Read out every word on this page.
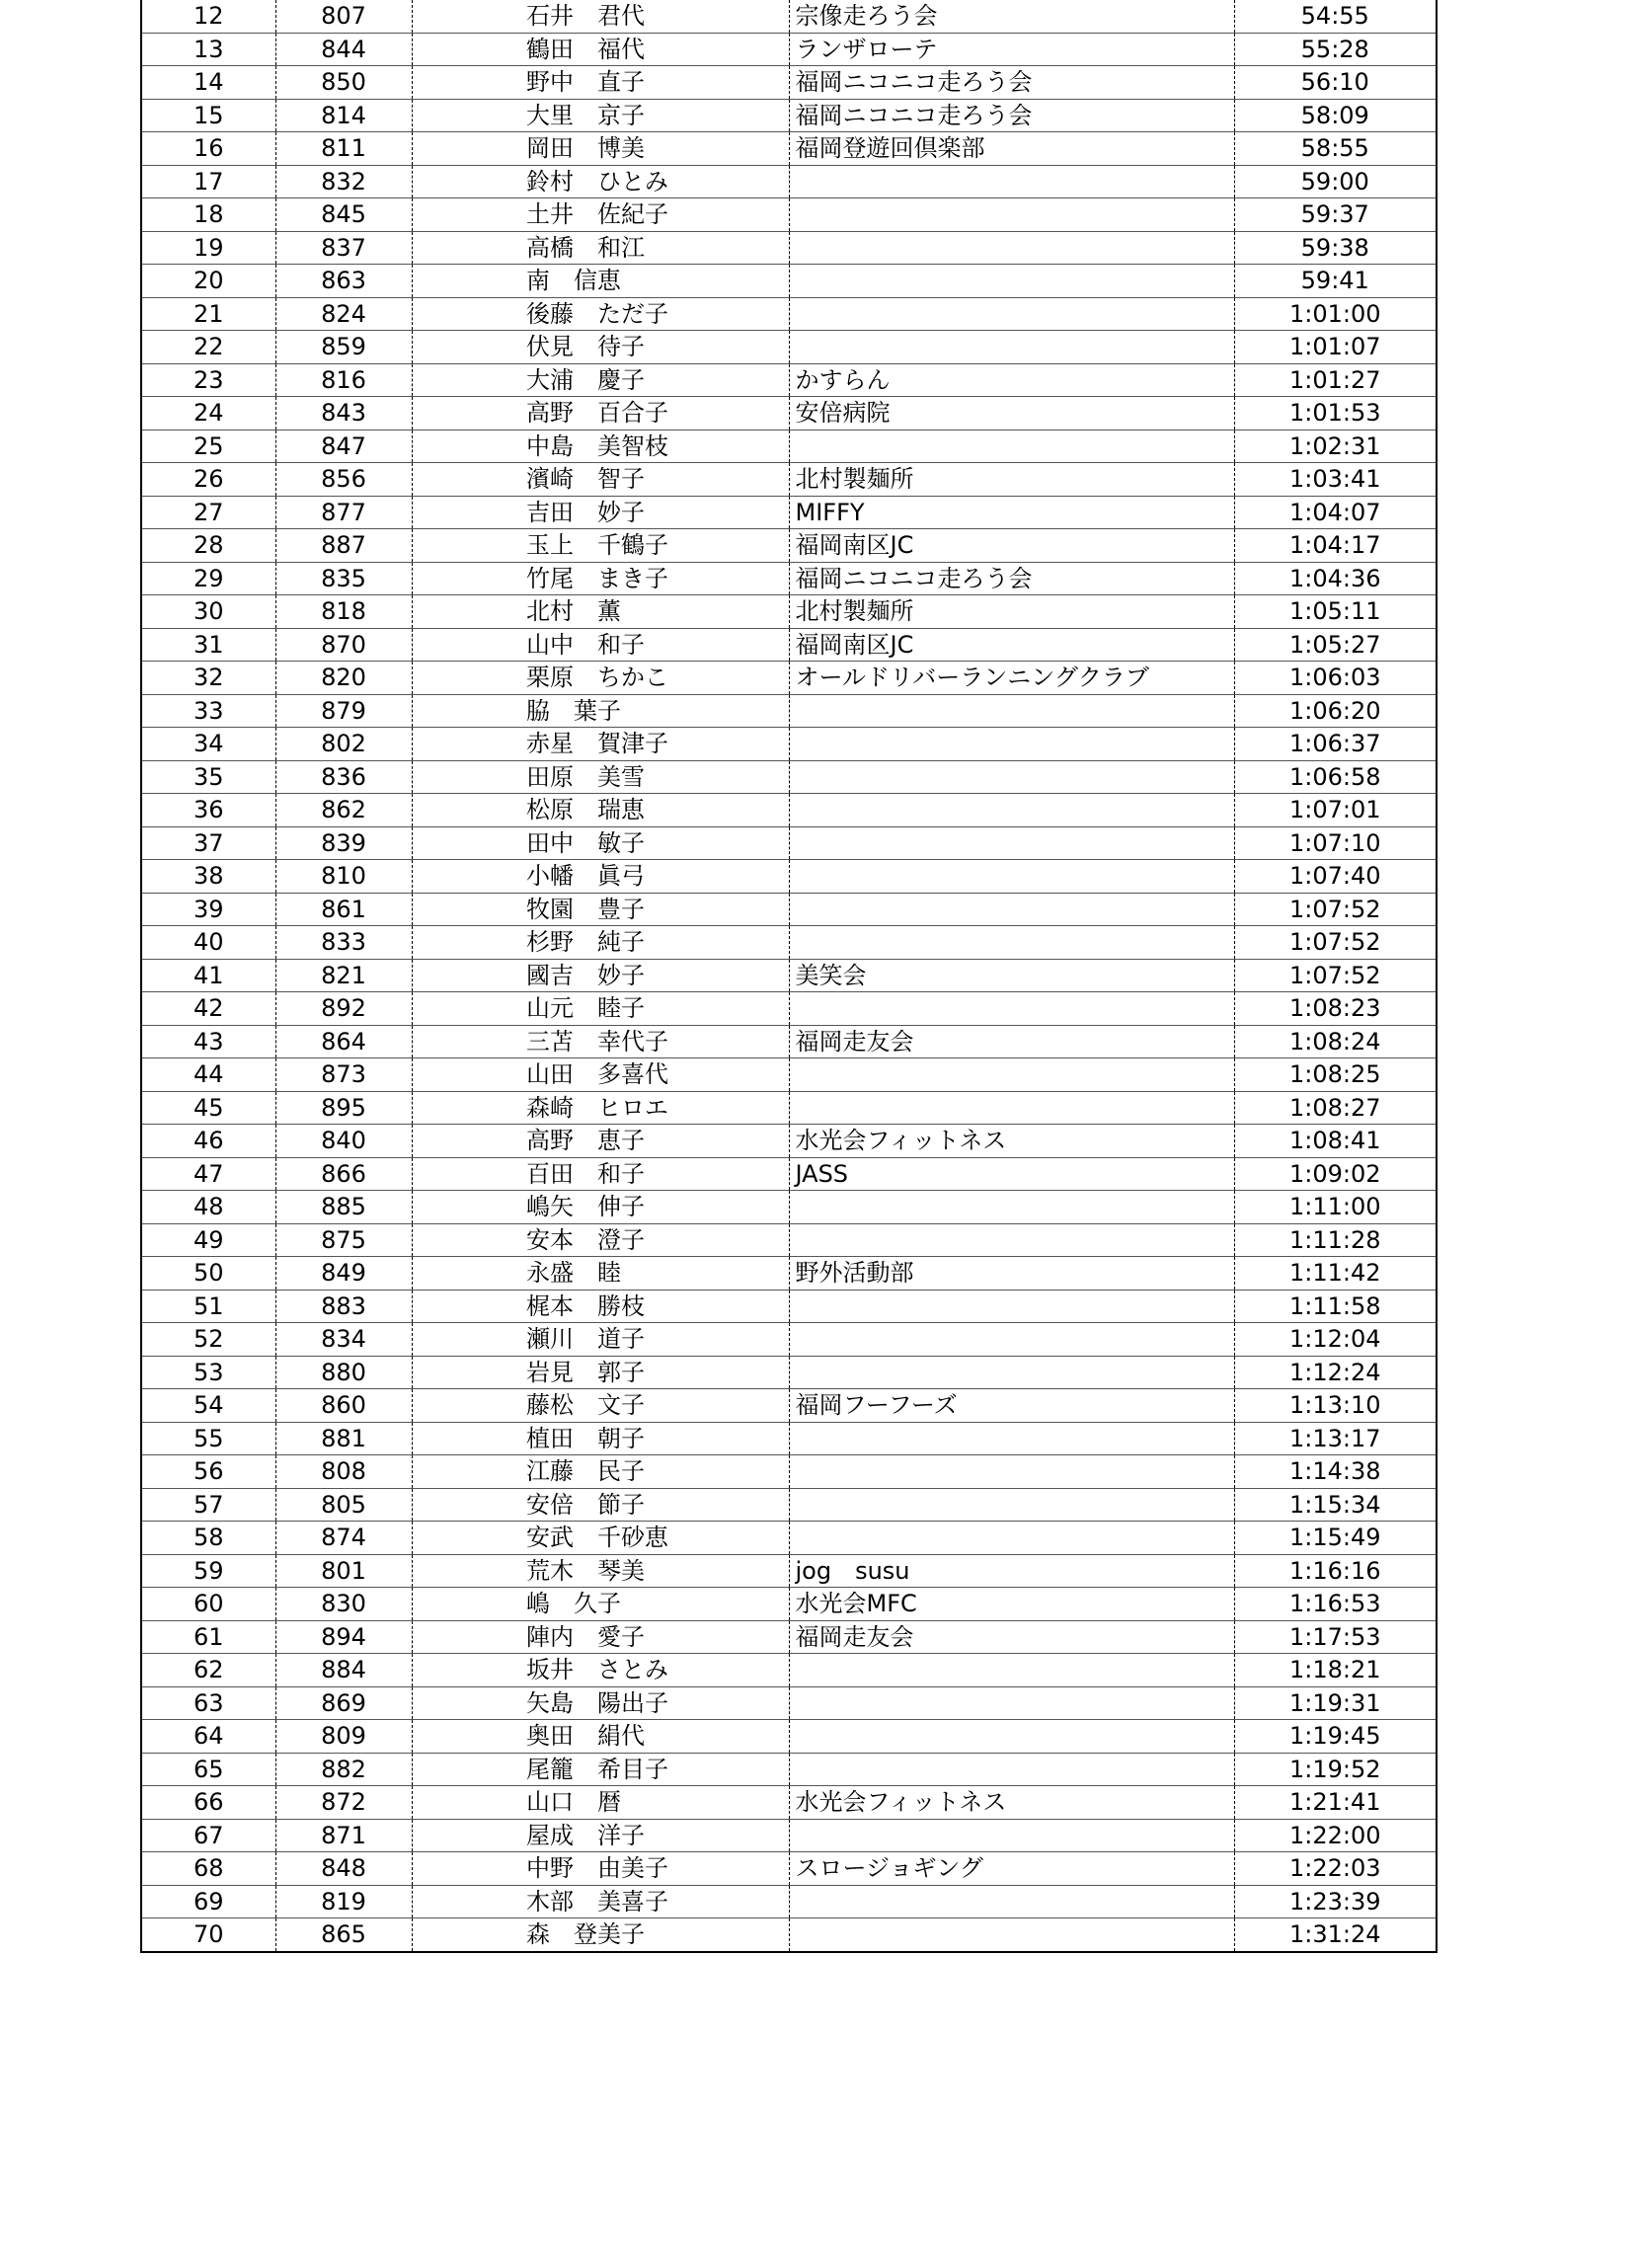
12	807	石井　君代	宗像走ろう会	54:55
13	844	鶴田　福代	ランザローテ	55:28
14	850	野中　直子	福岡ニコニコ走ろう会	56:10
15	814	大里　京子	福岡ニコニコ走ろう会	58:09
16	811	岡田　博美	福岡登遊回倶楽部	58:55
17	832	鈴村　ひとみ		59:00
18	845	土井　佐紀子		59:37
19	837	高橋　和江		59:38
20	863	南　信恵		59:41
21	824	後藤　ただ子		1:01:00
22	859	伏見　待子		1:01:07
23	816	大浦　慶子	かすらん	1:01:27
24	843	高野　百合子	安倍病院	1:01:53
25	847	中島　美智枝		1:02:31
26	856	濱崎　智子	北村製麺所	1:03:41
27	877	吉田　妙子	MIFFY	1:04:07
28	887	玉上　千鶴子	福岡南区JC	1:04:17
29	835	竹尾　まき子	福岡ニコニコ走ろう会	1:04:36
30	818	北村　薫	北村製麺所	1:05:11
31	870	山中　和子	福岡南区JC	1:05:27
32	820	栗原　ちかこ	オールドリバーランニングクラブ	1:06:03
33	879	脇　葉子		1:06:20
34	802	赤星　賀津子		1:06:37
35	836	田原　美雪		1:06:58
36	862	松原　瑞恵		1:07:01
37	839	田中　敏子		1:07:10
38	810	小幡　眞弓		1:07:40
39	861	牧園　豊子		1:07:52
40	833	杉野　純子		1:07:52
41	821	國吉　妙子	美笑会	1:07:52
42	892	山元　睦子		1:08:23
43	864	三苫　幸代子	福岡走友会	1:08:24
44	873	山田　多喜代		1:08:25
45	895	森崎　ヒロエ		1:08:27
46	840	高野　恵子	水光会フィットネス	1:08:41
47	866	百田　和子	JASS	1:09:02
48	885	嶋矢　伸子		1:11:00
49	875	安本　澄子		1:11:28
50	849	永盛　睦	野外活動部	1:11:42
51	883	梶本　勝枝		1:11:58
52	834	瀬川　道子		1:12:04
53	880	岩見　郭子		1:12:24
54	860	藤松　文子	福岡フーフーズ	1:13:10
55	881	植田　朝子		1:13:17
56	808	江藤　民子		1:14:38
57	805	安倍　節子		1:15:34
58	874	安武　千砂恵		1:15:49
59	801	荒木　琴美	jog　susu	1:16:16
60	830	嶋　久子	水光会MFC	1:16:53
61	894	陣内　愛子	福岡走友会	1:17:53
62	884	坂井　さとみ		1:18:21
63	869	矢島　陽出子		1:19:31
64	809	奥田　絹代		1:19:45
65	882	尾籠　希目子		1:19:52
66	872	山口　暦	水光会フィットネス	1:21:41
67	871	屋成　洋子		1:22:00
68	848	中野　由美子	スロージョギング	1:22:03
69	819	木部　美喜子		1:23:39
70	865	森　登美子		1:31:24
